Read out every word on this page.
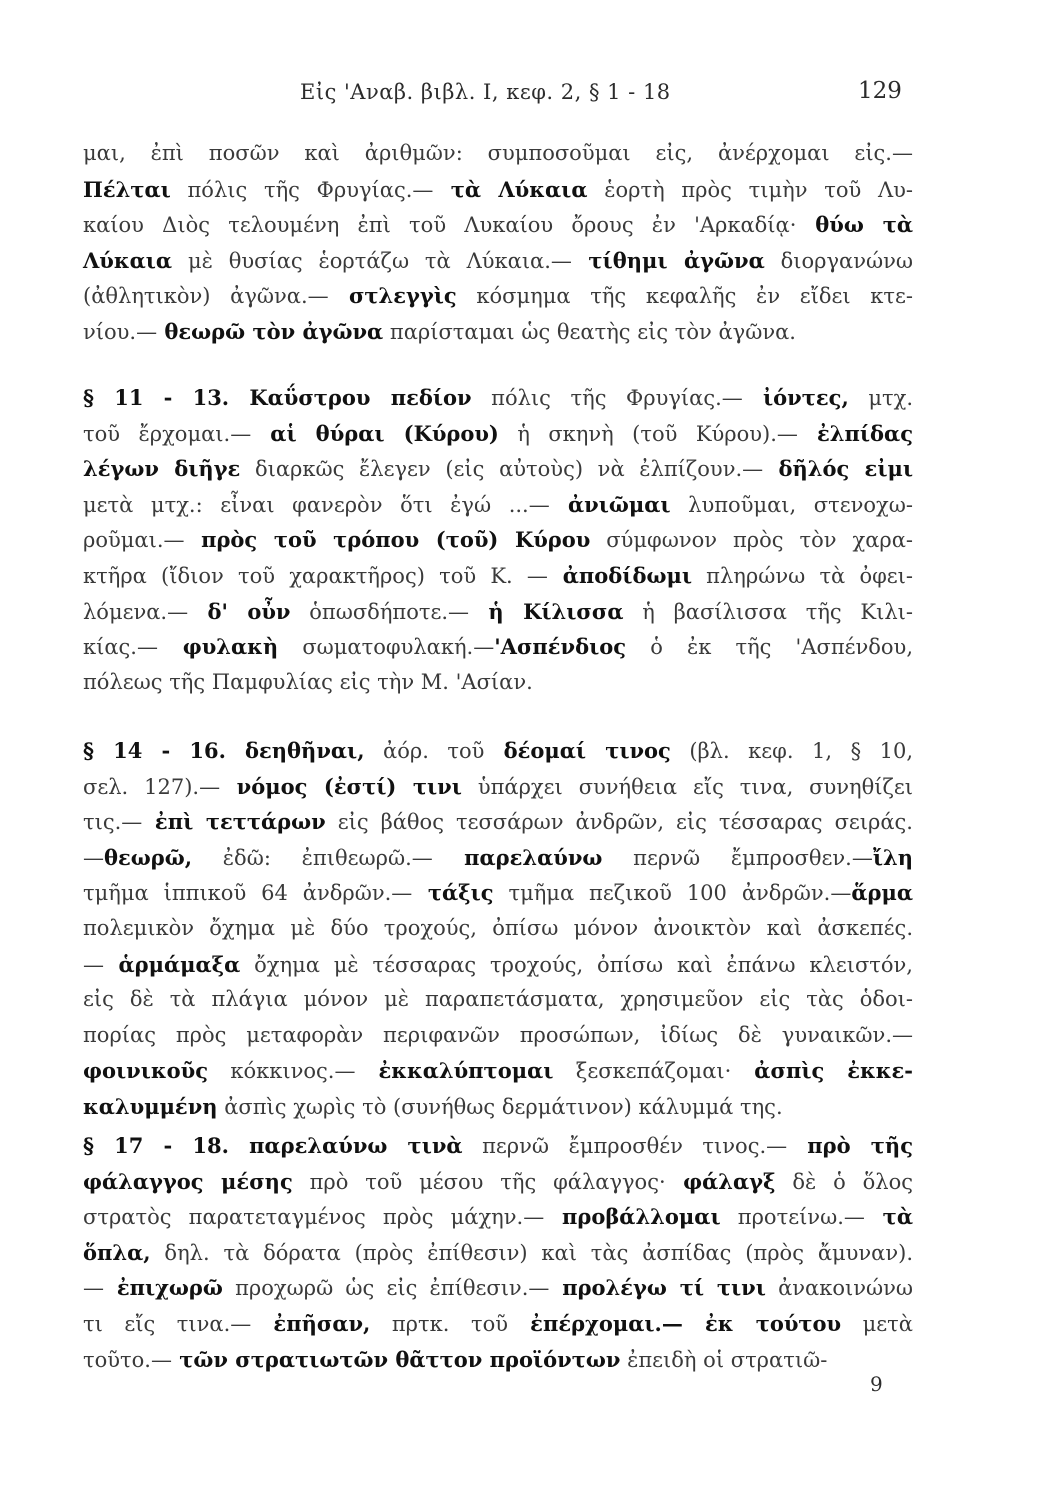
Εἰς 'Αναβ. βιβλ. Ι, κεφ. 2, § 1 - 18	129
μαι, ἐπὶ ποσῶν καὶ ἀριθμῶν: συμποσοῦμαι εἰς, ἀνέρχομαι εἰς.—
Πέλται πόλις τῆς Φρυγίας.— τὰ Λύκαια ἑορτὴ πρὸς τιμὴν τοῦ Λυ-
καίου Διὸς τελουμένη ἐπὶ τοῦ Λυκαίου ὄρους ἐν 'Αρκαδίᾳ· θύω τὰ
Λύκαια μὲ θυσίας ἑορτάζω τὰ Λύκαια.— τίθημι ἀγῶνα διοργανώνω
(ἀθλητικὸν) ἀγῶνα.— στλεγγὶς κόσμημα τῆς κεφαλῆς ἐν εἴδει κτε-
νίου.— θεωρῶ τὸν ἀγῶνα παρίσταμαι ὡς θεατὴς εἰς τὸν ἀγῶνα.
§ 11 - 13. Καΰστρου πεδίον πόλις τῆς Φρυγίας.— ἰόντες, μτχ.
τοῦ ἔρχομαι.— αἱ θύραι (Κύρου) ἡ σκηνὴ (τοῦ Κύρου).— ἐλπίδας
λέγων διῆγε διαρκῶς ἔλεγεν (εἰς αὐτοὺς) νὰ ἐλπίζουν.— δῆλός εἰμι
μετὰ μτχ.: εἶναι φανερὸν ὅτι ἐγώ ...— ἀνιῶμαι λυποῦμαι, στενοχω-
ροῦμαι.— πρὸς τοῦ τρόπου (τοῦ) Κύρου σύμφωνον πρὸς τὸν χαρα-
κτῆρα (ἴδιον τοῦ χαρακτῆρος) τοῦ Κ. — ἀποδίδωμι πληρώνω τὰ ὀφει-
λόμενα.— δ' οὖν ὁπωσδήποτε.— ἡ Κίλισσα ἡ βασίλισσα τῆς Κιλι-
κίας.— φυλακὴ σωματοφυλακή.—'Ασπένδιος ὁ ἐκ τῆς 'Ασπένδου,
πόλεως τῆς Παμφυλίας εἰς τὴν Μ. 'Ασίαν.
§ 14 - 16. δεηθῆναι, ἀόρ. τοῦ δέομαί τινος (βλ. κεφ. 1, § 10,
σελ. 127).— νόμος (ἐστί) τινι ὑπάρχει συνήθεια εἴς τινα, συνηθίζει
τις.— ἐπὶ τεττάρων εἰς βάθος τεσσάρων ἀνδρῶν, εἰς τέσσαρας σειράς.
—θεωρῶ, ἐδῶ: ἐπιθεωρῶ.— παρελαύνω περνῶ ἔμπροσθεν.—ἴλη
τμῆμα ἱππικοῦ 64 ἀνδρῶν.— τάξις τμῆμα πεζικοῦ 100 ἀνδρῶν.—ἅρμα
πολεμικὸν ὄχημα μὲ δύο τροχούς, ὀπίσω μόνον ἀνοικτὸν καὶ ἀσκεπές.
— ἁρμάμαξα ὄχημα μὲ τέσσαρας τροχούς, ὀπίσω καὶ ἐπάνω κλειστόν,
εἰς δὲ τὰ πλάγια μόνον μὲ παραπετάσματα, χρησιμεῦον εἰς τὰς ὁδοι-
πορίας πρὸς μεταφορὰν περιφανῶν προσώπων, ἰδίως δὲ γυναικῶν.—
φοινικοῦς κόκκινος.— ἐκκαλύπτομαι ξεσκεπάζομαι· ἀσπὶς ἐκκε-
καλυμμένη ἀσπὶς χωρὶς τὸ (συνήθως δερμάτινον) κάλυμμά της.
§ 17 - 18. παρελαύνω τινὰ περνῶ ἔμπροσθέν τινος.— πρὸ τῆς
φάλαγγος μέσης πρὸ τοῦ μέσου τῆς φάλαγγος· φάλαγξ δὲ ὁ ὅλος
στρατὸς παρατεταγμένος πρὸς μάχην.— προβάλλομαι προτείνω.— τὰ
ὅπλα, δηλ. τὰ δόρατα (πρὸς ἐπίθεσιν) καὶ τὰς ἀσπίδας (πρὸς ἄμυναν).
— ἐπιχωρῶ προχωρῶ ὡς εἰς ἐπίθεσιν.— προλέγω τί τινι ἀνακοινώνω
τι εἴς τινα.— ἐπῆσαν, πρτκ. τοῦ ἐπέρχομαι.— ἐκ τούτου μετὰ
τοῦτο.— τῶν στρατιωτῶν θᾶττον προϊόντων ἐπειδὴ οἱ στρατιῶ-
9
